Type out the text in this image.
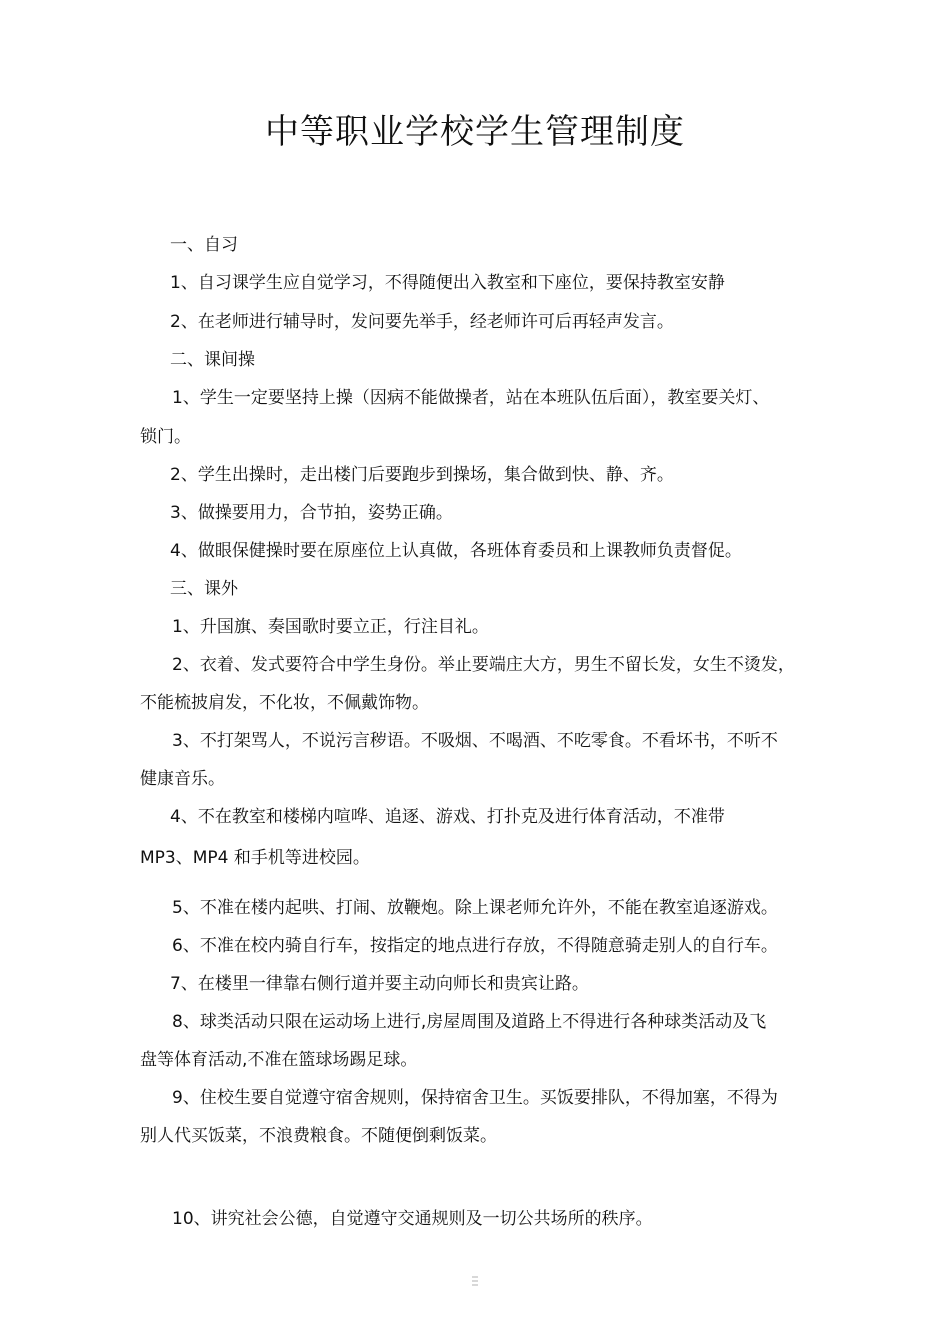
中等职业学校学生管理制度

一、自习

1、自习课学生应自觉学习，不得随便出入教室和下座位，要保持教室安静

2、在老师进行辅导时，发问要先举手，经老师许可后再轻声发言。

二、课间操

1、学生一定要坚持上操（因病不能做操者，站在本班队伍后面），教室要关灯、

锁门。

2、学生出操时，走出楼门后要跑步到操场，集合做到快、静、齐。

3、做操要用力，合节拍，姿势正确。

4、做眼保健操时要在原座位上认真做，各班体育委员和上课教师负责督促。

三、课外

1、升国旗、奏国歌时要立正，行注目礼。

2、衣着、发式要符合中学生身份。举止要端庄大方，男生不留长发，女生不烫发，

不能梳披肩发，不化妆，不佩戴饰物。

3、不打架骂人，不说污言秽语。不吸烟、不喝酒、不吃零食。不看坏书，不听不

健康音乐。

4、不在教室和楼梯内喧哗、追逐、游戏、打扑克及进行体育活动，不准带

MP3、MP4 和手机等进校园。

5、不准在楼内起哄、打闹、放鞭炮。除上课老师允许外，不能在教室追逐游戏。

6、不准在校内骑自行车，按指定的地点进行存放，不得随意骑走别人的自行车。

7、在楼里一律靠右侧行道并要主动向师长和贵宾让路。

8、球类活动只限在运动场上进行,房屋周围及道路上不得进行各种球类活动及飞

盘等体育活动,不准在篮球场踢足球。

9、住校生要自觉遵守宿舍规则，保持宿舍卫生。买饭要排队，不得加塞，不得为

别人代买饭菜，不浪费粮食。不随便倒剩饭菜。

10、讲究社会公德，自觉遵守交通规则及一切公共场所的秩序。
